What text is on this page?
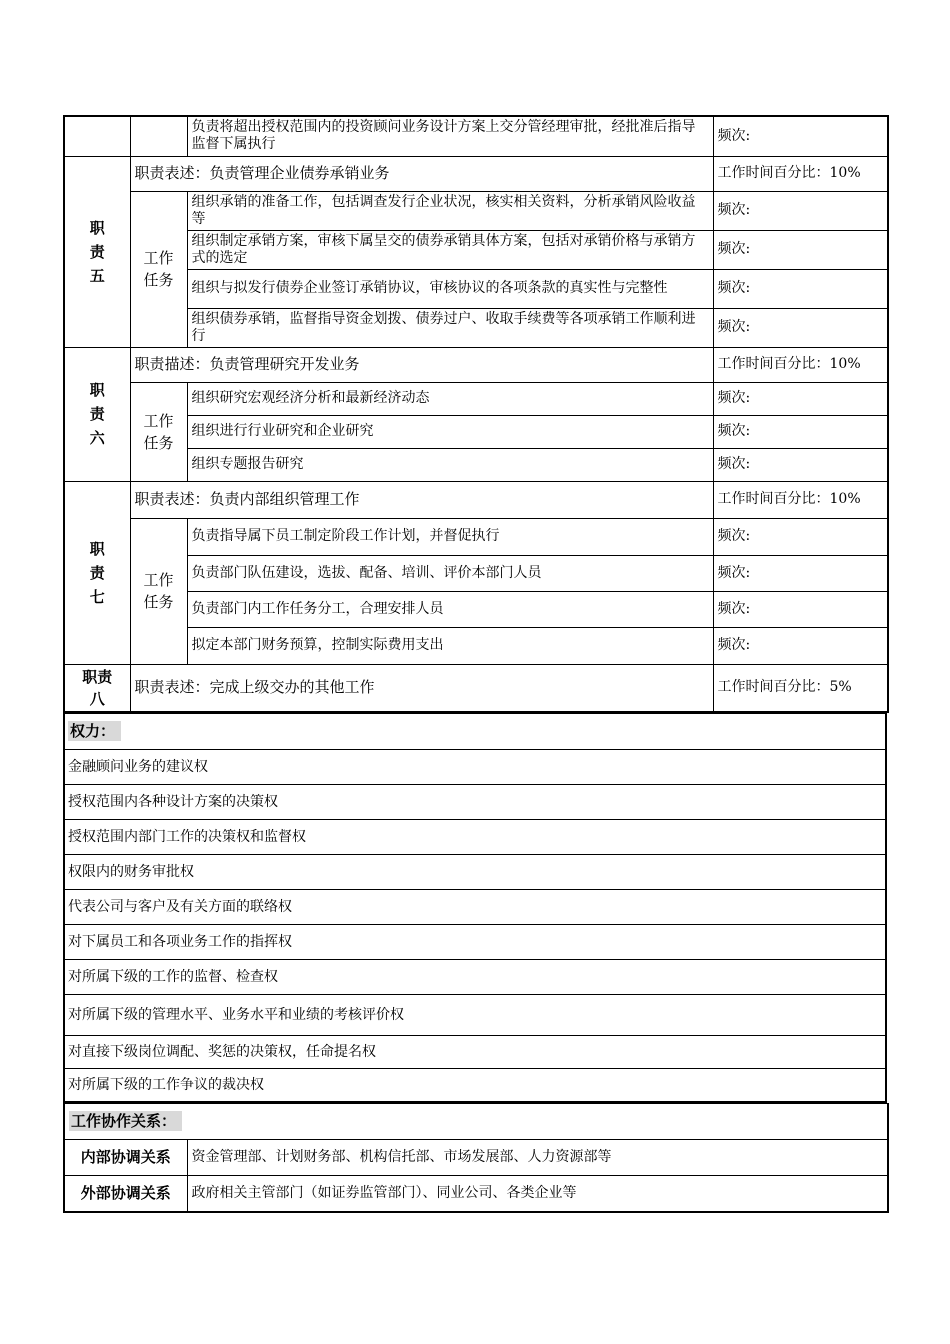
		负责将超出授权范围内的投资顾问业务设计方案上交分管经理审批，经批准后指导监督下属执行	频次:

职责五	职责表述：负责管理企业债券承销业务		工作时间百分比：10%

	工作任务	组织承销的准备工作，包括调查发行企业状况，核实相关资料，分析承销风险收益等	频次:
		组织制定承销方案，审核下属呈交的债券承销具体方案，包括对承销价格与承销方式的选定	频次:
		组织与拟发行债券企业签订承销协议，审核协议的各项条款的真实性与完整性	频次:
		组织债券承销，监督指导资金划拨、债券过户、收取手续费等各项承销工作顺利进行	频次:

职责六	职责描述：负责管理研究开发业务		工作时间百分比：10%

	工作任务	组织研究宏观经济分析和最新经济动态	频次:
		组织进行行业研究和企业研究	频次:
		组织专题报告研究	频次:

职责七	职责表述：负责内部组织管理工作		工作时间百分比：10%

	工作任务	负责指导属下员工制定阶段工作计划，并督促执行	频次:
		负责部门队伍建设，选拔、配备、培训、评价本部门人员	频次:
		负责部门内工作任务分工，合理安排人员	频次:
		拟定本部门财务预算，控制实际费用支出	频次:

职责八	职责表述：完成上级交办的其他工作		工作时间百分比：5%
权力：
金融顾问业务的建议权
授权范围内各种设计方案的决策权
授权范围内部门工作的决策权和监督权
权限内的财务审批权
代表公司与客户及有关方面的联络权
对下属员工和各项业务工作的指挥权
对所属下级的工作的监督、检查权
对所属下级的管理水平、业务水平和业绩的考核评价权
对直接下级岗位调配、奖惩的决策权，任命提名权
对所属下级的工作争议的裁决权
工作协作关系：	
内部协调关系	资金管理部、计划财务部、机构信托部、市场发展部、人力资源部等
外部协调关系	政府相关主管部门（如证券监管部门）、同业公司、各类企业等
